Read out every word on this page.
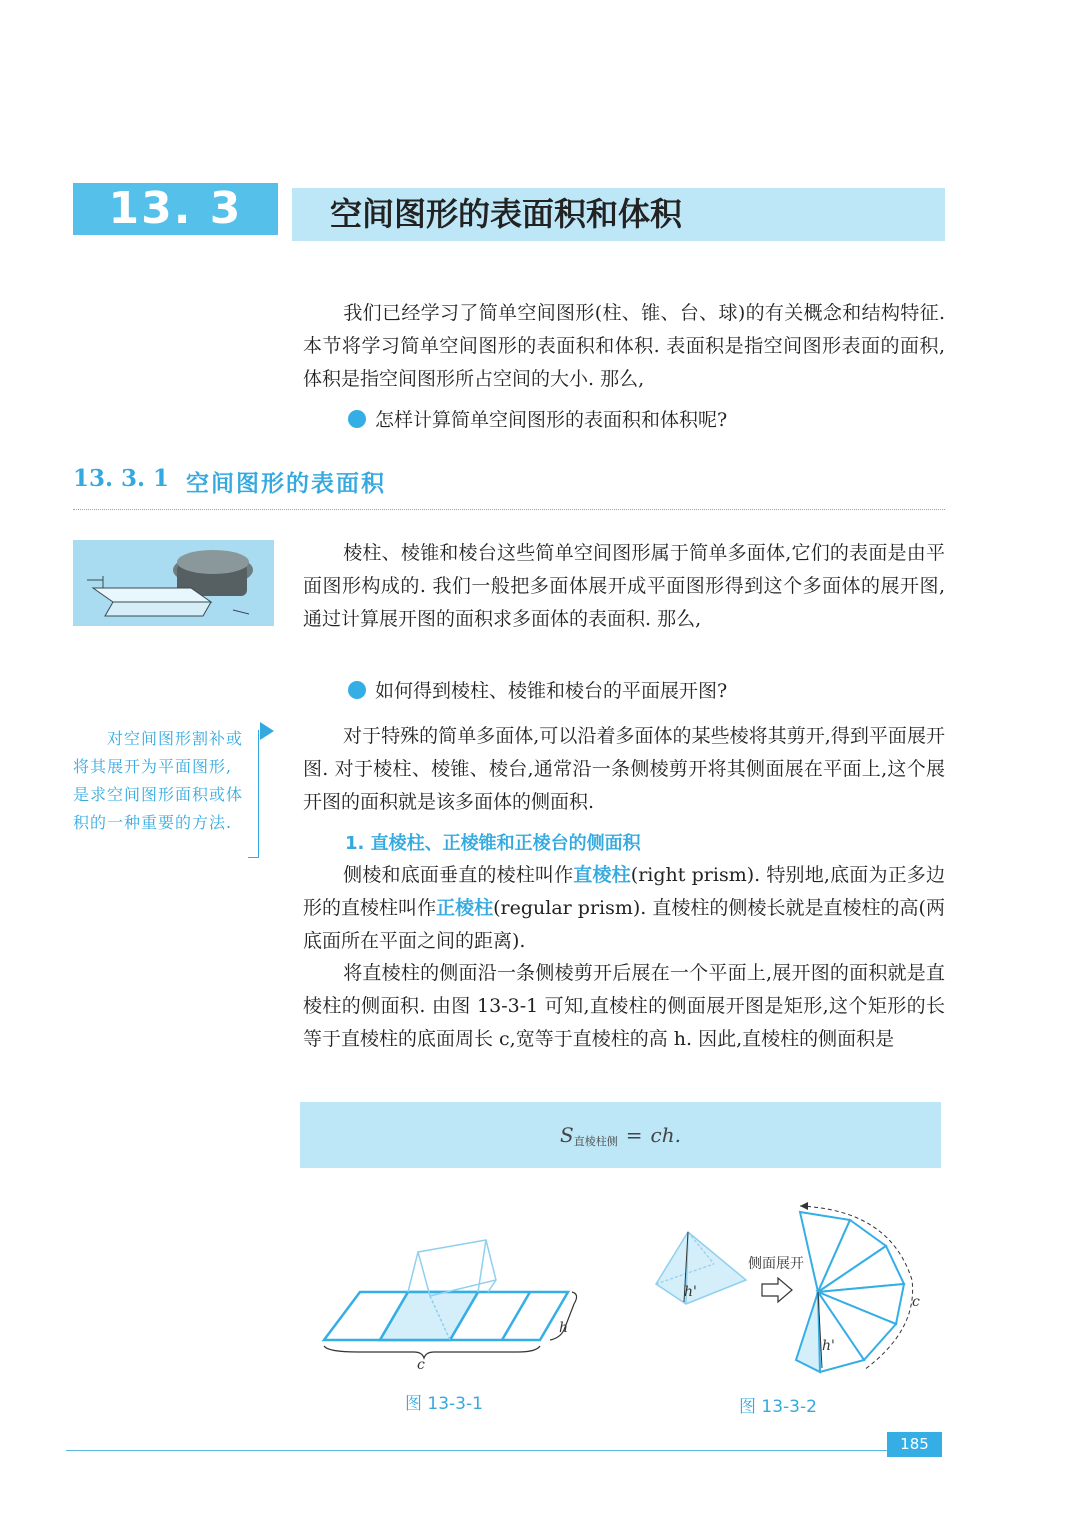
13. 3	空间图形的表面积和体积
我们已经学习了简单空间图形(柱、锥、台、球)的有关概念和结构特征. 本节将学习简单空间图形的表面积和体积. 表面积是指空间图形表面的面积,体积是指空间图形所占空间的大小. 那么,
怎样计算简单空间图形的表面积和体积呢?
13. 3. 1 空间图形的表面积
棱柱、棱锥和棱台这些简单空间图形属于简单多面体,它们的表面是由平面图形构成的. 我们一般把多面体展开成平面图形得到这个多面体的展开图,通过计算展开图的面积求多面体的表面积. 那么,
如何得到棱柱、棱锥和棱台的平面展开图?
对空间图形割补或将其展开为平面图形,是求空间图形面积或体积的一种重要的方法.
对于特殊的简单多面体,可以沿着多面体的某些棱将其剪开,得到平面展开图. 对于棱柱、棱锥、棱台,通常沿一条侧棱剪开将其侧面展在平面上,这个展开图的面积就是该多面体的侧面积.
1. 直棱柱、正棱锥和正棱台的侧面积
侧棱和底面垂直的棱柱叫作直棱柱(right prism). 特别地,底面为正多边形的直棱柱叫作正棱柱(regular prism). 直棱柱的侧棱长就是直棱柱的高(两底面所在平面之间的距离).
将直棱柱的侧面沿一条侧棱剪开后展在一个平面上,展开图的面积就是直棱柱的侧面积. 由图 13-3-1 可知,直棱柱的侧面展开图是矩形,这个矩形的长等于直棱柱的底面周长 c,宽等于直棱柱的高 h. 因此,直棱柱的侧面积是
$S_{直棱柱侧}$ = ch.
h
c
图 13-3-1
侧面展开
h'
h'
c
图 13-3-2
185
